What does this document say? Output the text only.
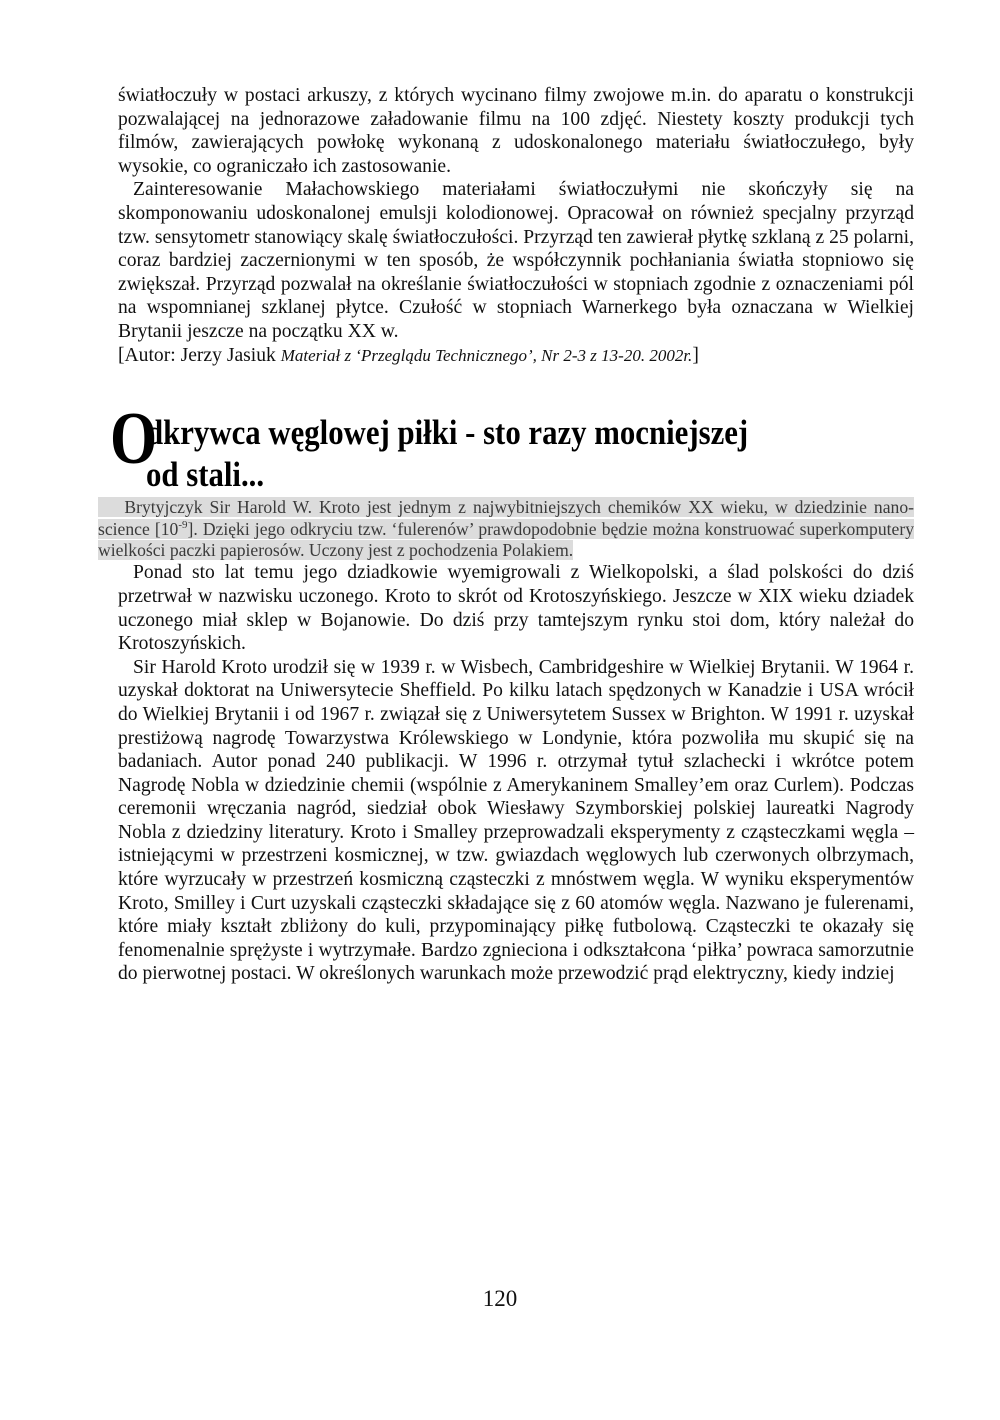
światłoczuły w postaci arkuszy, z których wycinano filmy zwojowe m.in. do aparatu o konstrukcji pozwalającej na jednorazowe załadowanie filmu na 100 zdjęć. Niestety koszty produkcji tych filmów, zawierających powłokę wykonaną z udoskonalonego materiału światłoczułego, były wysokie, co ograniczało ich zastosowanie.

Zainteresowanie Małachowskiego materiałami światłoczułymi nie skończyły się na skomponowaniu udoskonalonej emulsji kolodionowej. Opracował on również specjalny przyrząd tzw. sensytometr stanowiący skalę światłoczułości. Przyrząd ten zawierał płytkę szklaną z 25 polarni, coraz bardziej zaczernionymi w ten sposób, że współczynnik pochłaniania światła stopniowo się zwiększał. Przyrząd pozwalał na określanie światłoczułości w stopniach zgodnie z oznaczeniami pól na wspomnianej szklanej płytce. Czułość w stopniach Warnerkego była oznaczana w Wielkiej Brytanii jeszcze na początku XX w.

[Autor: Jerzy Jasiuk Materiał z ‘Przeglądu Technicznego’, Nr 2-3 z 13-20. 2002r.]

O
dkrywca węglowej piłki - sto razy mocniejszej
od stali...

  Brytyjczyk Sir Harold W. Kroto jest jednym z najwybitniejszych chemików XX wieku, w dziedzinie nano-science $[10^{-9}]$. Dzięki jego odkryciu tzw. ‘fulerenów’ prawdopodobnie będzie można konstruować superkomputery wielkości paczki papierosów. Uczony jest z pochodzenia Polakiem.

Ponad sto lat temu jego dziadkowie wyemigrowali z Wielkopolski, a ślad polskości do dziś przetrwał w nazwisku uczonego. Kroto to skrót od Krotoszyńskiego. Jeszcze w XIX wieku dziadek uczonego miał sklep w Bojanowie. Do dziś przy tamtejszym rynku stoi dom, który należał do Krotoszyńskich.

Sir Harold Kroto urodził się w 1939 r. w Wisbech, Cambridgeshire w Wielkiej Brytanii. W 1964 r. uzyskał doktorat na Uniwersytecie Sheffield. Po kilku latach spędzonych w Kanadzie i USA wrócił do Wielkiej Brytanii i od 1967 r. związał się z Uniwersytetem Sussex w Brighton. W 1991 r. uzyskał prestiżową nagrodę Towarzystwa Królewskiego w Londynie, która pozwoliła mu skupić się na badaniach. Autor ponad 240 publikacji. W 1996 r. otrzymał tytuł szlachecki i wkrótce potem Nagrodę Nobla w dziedzinie chemii (wspólnie z Amerykaninem Smalley’em oraz Curlem). Podczas ceremonii wręczania nagród, siedział obok Wiesławy Szymborskiej polskiej laureatki Nagrody Nobla z dziedziny literatury. Kroto i Smalley przeprowadzali eksperymenty z cząsteczkami węgla – istniejącymi w przestrzeni kosmicznej, w tzw. gwiazdach węglowych lub czerwonych olbrzymach, które wyrzucały w przestrzeń kosmiczną cząsteczki z mnóstwem węgla. W wyniku eksperymentów Kroto, Smilley i Curt uzyskali cząsteczki składające się z 60 atomów węgla. Nazwano je fulerenami, które miały kształt zbliżony do kuli, przypominający piłkę futbolową. Cząsteczki te okazały się fenomenalnie sprężyste i wytrzymałe. Bardzo zgnieciona i odkształcona ‘piłka’ powraca samorzutnie do pierwotnej postaci. W określonych warunkach może przewodzić prąd elektryczny, kiedy indziej

120
